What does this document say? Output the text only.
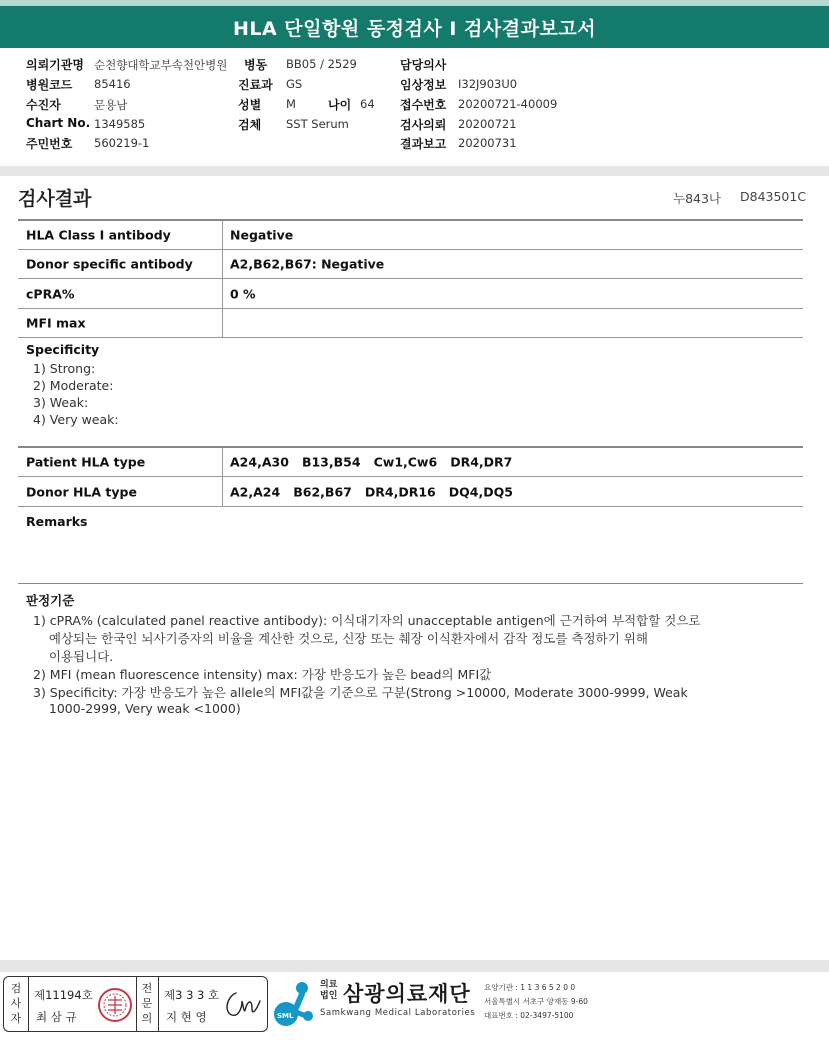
HLA 단일항원 동정검사 I 검사결과보고서
의뢰기관명 순천향대학교부속천안병원 병동 BB05 / 2529	담당의사
병원코드 85416	진료과 GS	임상정보 I32J903U0
수진자	문용남	성별 M	나이 64 접수번호 20200721-40009
Chart No. 1349585	검체 SST Serum	검사의뢰 20200721
주민번호 560219-1	결과보고 20200731
검사결과	누843나 D843501C
HLA Class I antibody	Negative
Donor specific antibody	A2,B62,B67: Negative
cPRA%	0 %
MFI max
Specificity
1) Strong:
2) Moderate:
3) Weak:
4) Very weak:
Patient HLA type	A24,A30   B13,B54   Cw1,Cw6   DR4,DR7
Donor HLA type	A2,A24   B62,B67   DR4,DR16   DQ4,DQ5
Remarks
판정기준
1) cPRA% (calculated panel reactive antibody): 이식대기자의 unacceptable antigen에 근거하여 부적합할 것으로
예상되는 한국인 뇌사기증자의 비율을 계산한 것으로, 신장 또는 췌장 이식환자에서 감작 정도를 측정하기 위해
이용됩니다.
2) MFI (mean fluorescence intensity) max: 가장 반응도가 높은 bead의 MFI값
3) Specificity: 가장 반응도가 높은 allele의 MFI값을 기준으로 구분(Strong >10000, Moderate 3000-9999, Weak
1000-2999, Very weak <1000)
검
사
자
제11194호
최 삼 규
전
문
의
제3 3 3 호
지 현 영	SML
의료
법인 삼광의료재단
Samkwang Medical Laboratories
요양기관 : 1 1 3 6 5 2 0 0
서울특별시 서초구 양재동 9-60
대표번호 : 02-3497-5100
